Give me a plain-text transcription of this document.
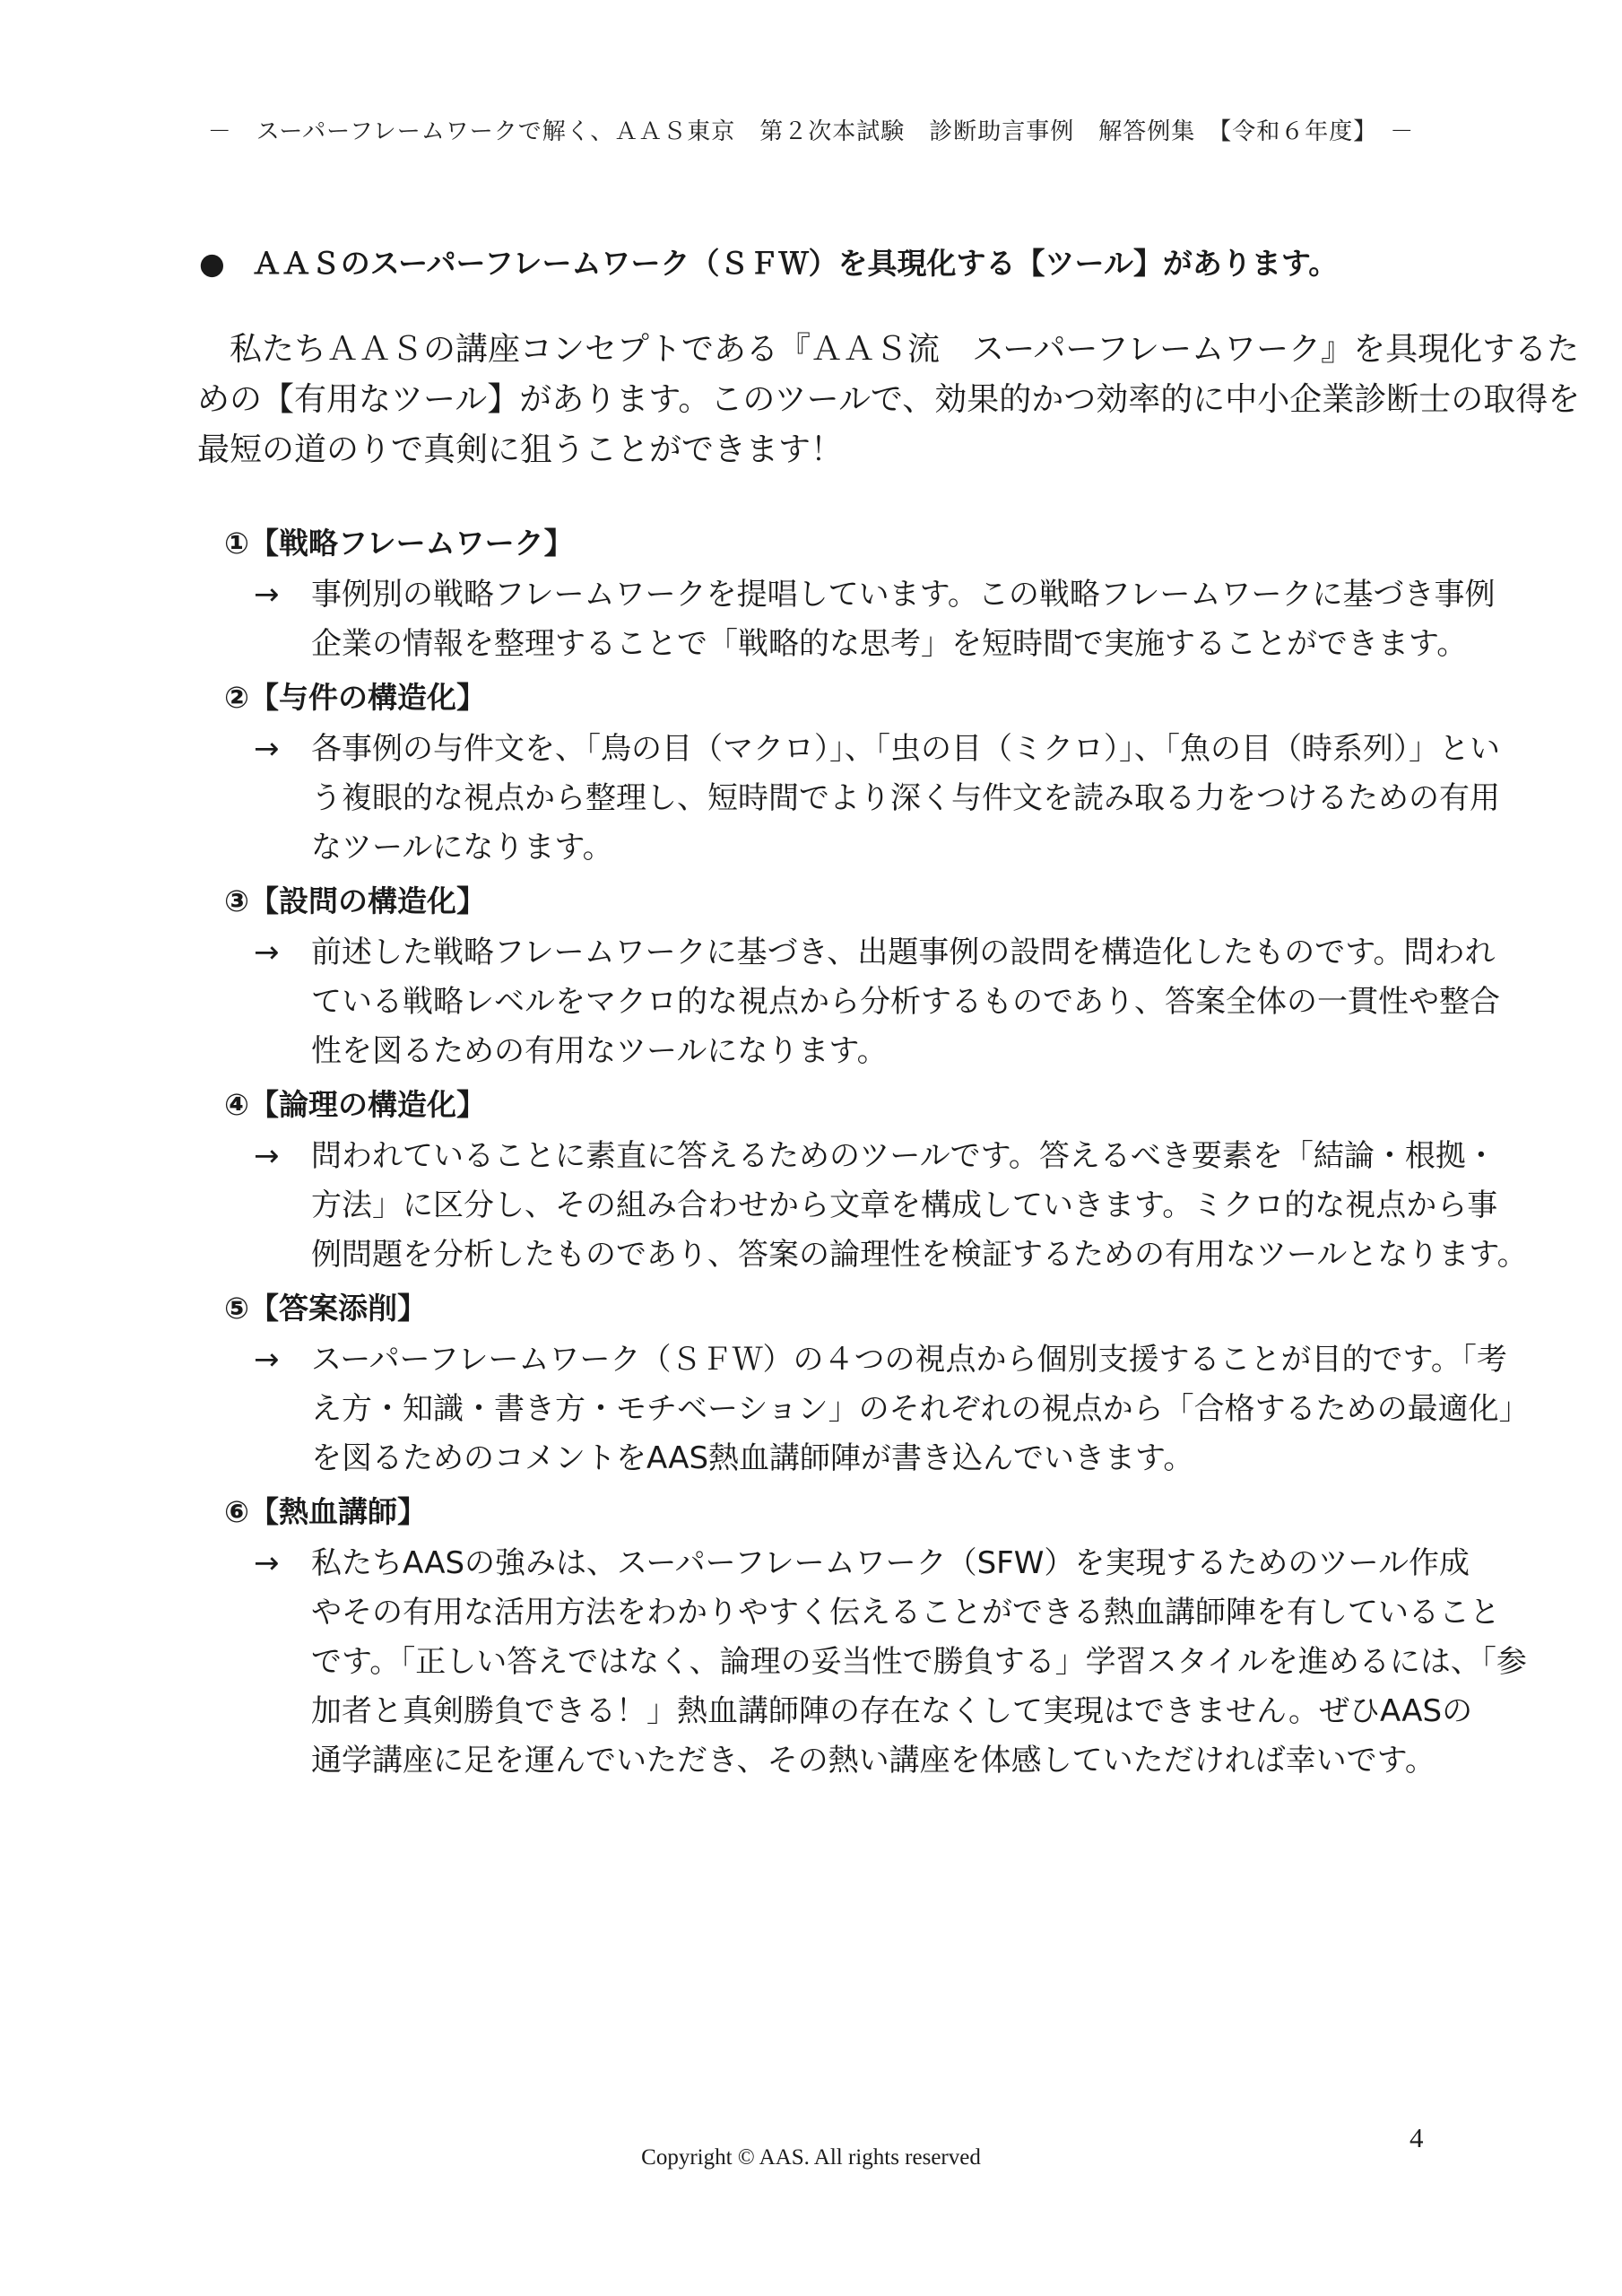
－　スーパーフレームワークで解く、ＡＡＳ東京　第２次本試験　診断助言事例　解答例集　【令和６年度】　－
● ＡＡＳのスーパーフレームワーク（ＳＦＷ）を具現化する【ツール】があります。

　私たちＡＡＳの講座コンセプトである『ＡＡＳ流　スーパーフレームワーク』を具現化するた

めの【有用なツール】があります。このツールで、効果的かつ効率的に中小企業診断士の取得を

最短の道のりで真剣に狙うことができます！

①【戦略フレームワーク】
→ 事例別の戦略フレームワークを提唱しています。この戦略フレームワークに基づき事例
企業の情報を整理することで「戦略的な思考」を短時間で実施することができます。
②【与件の構造化】
→ 各事例の与件文を、「鳥の目（マクロ）」、「虫の目（ミクロ）」、「魚の目（時系列）」とい
う複眼的な視点から整理し、短時間でより深く与件文を読み取る力をつけるための有用
なツールになります。
③【設問の構造化】
→ 前述した戦略フレームワークに基づき、出題事例の設問を構造化したものです。問われ
ている戦略レベルをマクロ的な視点から分析するものであり、答案全体の一貫性や整合
性を図るための有用なツールになります。
④【論理の構造化】
→ 問われていることに素直に答えるためのツールです。答えるべき要素を「結論・根拠・
方法」に区分し、その組み合わせから文章を構成していきます。ミクロ的な視点から事
例問題を分析したものであり、答案の論理性を検証するための有用なツールとなります。
⑤【答案添削】
→ スーパーフレームワーク（ＳＦＷ）の４つの視点から個別支援することが目的です。「考
え方・知識・書き方・モチベーション」のそれぞれの視点から「合格するための最適化」
を図るためのコメントをAAS熱血講師陣が書き込んでいきます。
⑥【熱血講師】
→ 私たちAASの強みは、スーパーフレームワーク（SFW）を実現するためのツール作成
やその有用な活用方法をわかりやすく伝えることができる熱血講師陣を有していること
です。「正しい答えではなく、論理の妥当性で勝負する」学習スタイルを進めるには、「参
加者と真剣勝負できる！」熱血講師陣の存在なくして実現はできません。ぜひAASの
通学講座に足を運んでいただき、その熱い講座を体感していただければ幸いです。
4
Copyright © AAS. All rights reserved
